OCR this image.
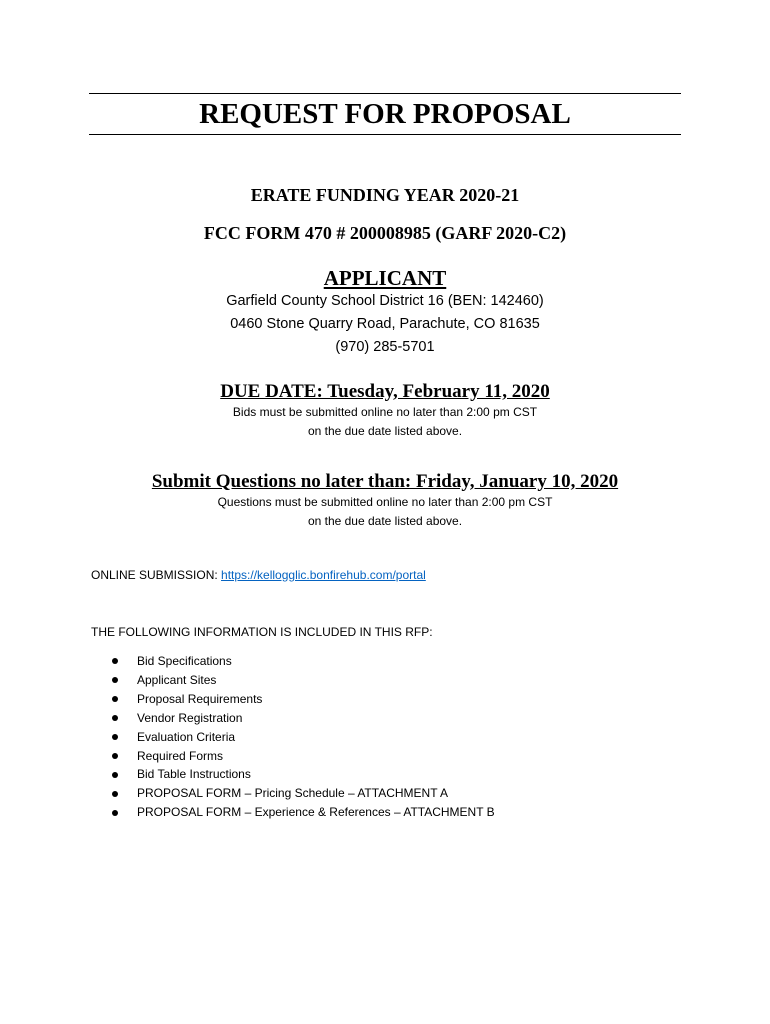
REQUEST FOR PROPOSAL
ERATE FUNDING YEAR 2020-21
FCC FORM 470 # 200008985 (GARF 2020-C2)
APPLICANT
Garfield County School District 16 (BEN: 142460)
0460 Stone Quarry Road, Parachute, CO 81635
(970) 285-5701
DUE DATE: Tuesday, February 11, 2020
Bids must be submitted online no later than 2:00 pm CST
on the due date listed above.
Submit Questions no later than: Friday, January 10, 2020
Questions must be submitted online no later than 2:00 pm CST
on the due date listed above.
ONLINE SUBMISSION: https://kellogglic.bonfirehub.com/portal
THE FOLLOWING INFORMATION IS INCLUDED IN THIS RFP:
Bid Specifications
Applicant Sites
Proposal Requirements
Vendor Registration
Evaluation Criteria
Required Forms
Bid Table Instructions
PROPOSAL FORM – Pricing Schedule – ATTACHMENT A
PROPOSAL FORM – Experience & References – ATTACHMENT B
